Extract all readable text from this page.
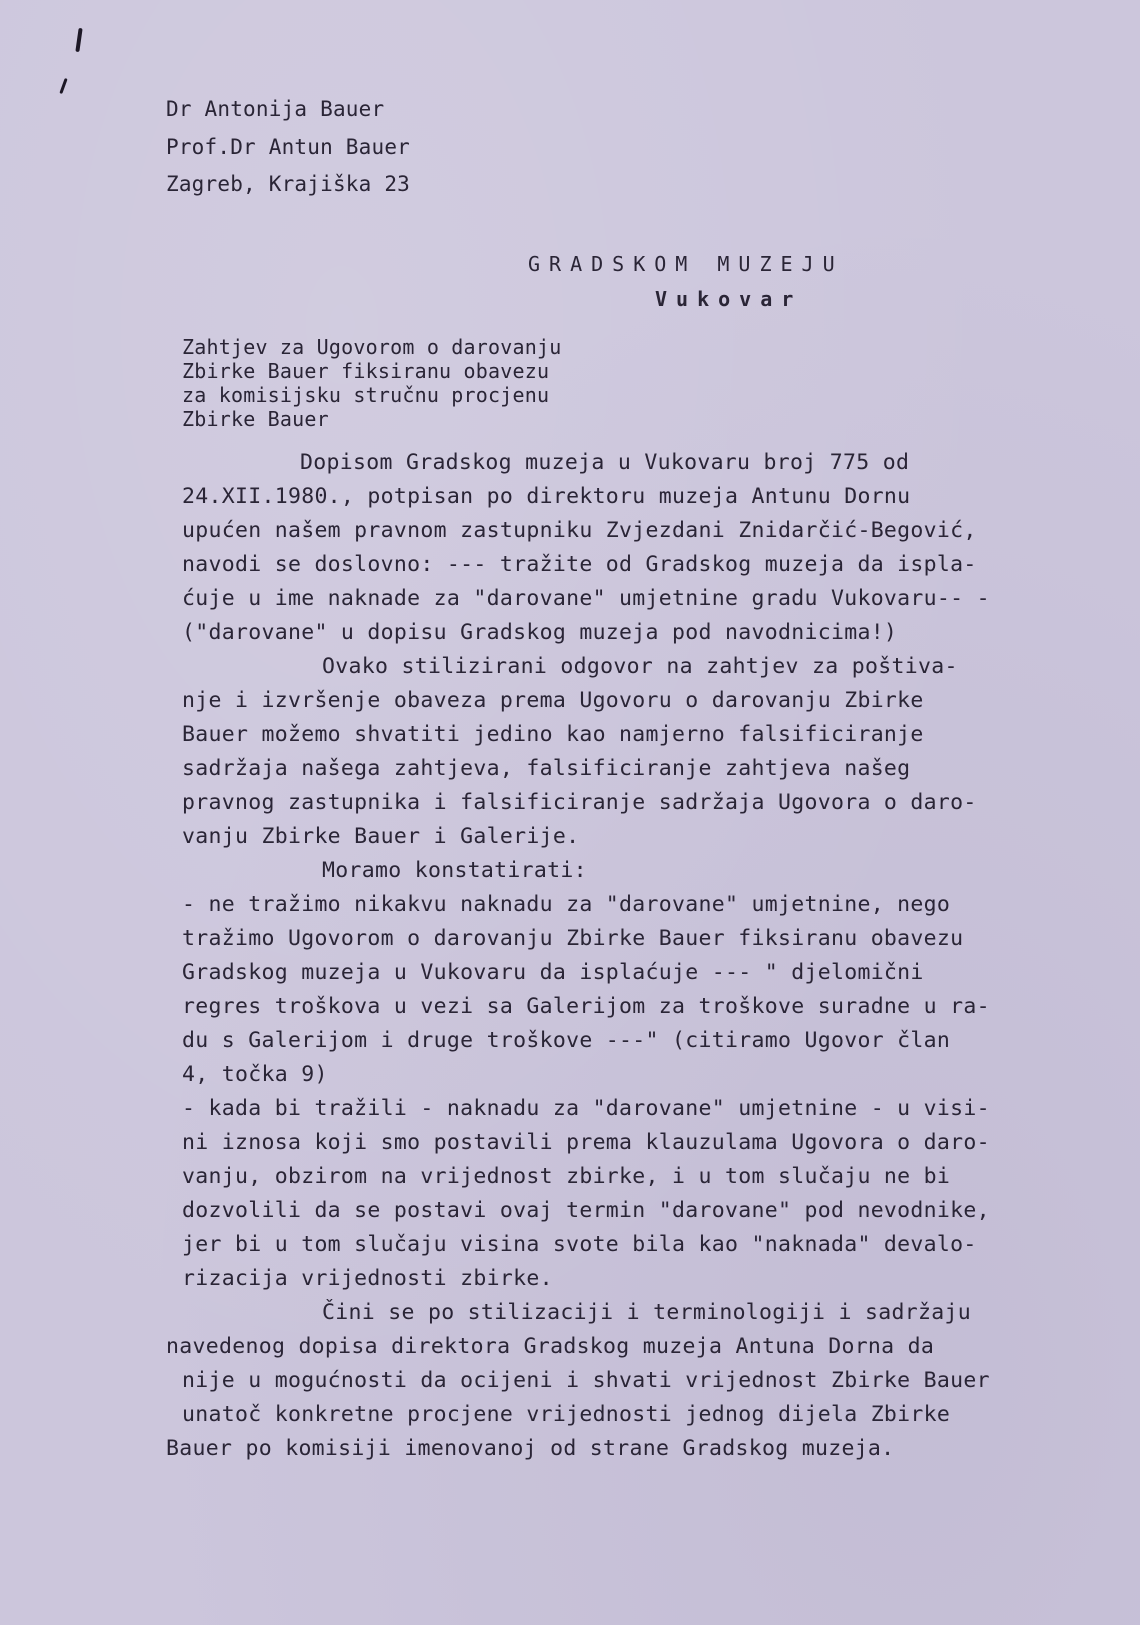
Dr Antonija Bauer
Prof.Dr Antun Bauer
Zagreb, Krajiška 23
GRADSKOM MUZEJU
Vukovar
Zahtjev za Ugovorom o darovanju
Zbirke Bauer fiksiranu obavezu
za komisijsku stručnu procjenu
Zbirke Bauer
Dopisom Gradskog muzeja u Vukovaru broj 775 od
24.XII.1980., potpisan po direktoru muzeja Antunu Dornu
upućen našem pravnom zastupniku Zvjezdani Znidarčić-Begović,
navodi se doslovno: --- tražite od Gradskog muzeja da ispla-
ćuje u ime naknade za "darovane" umjetnine gradu Vukovaru-- -
("darovane" u dopisu Gradskog muzeja pod navodnicima!)
Ovako stilizirani odgovor na zahtjev za poštiva-
nje i izvršenje obaveza prema Ugovoru o darovanju Zbirke
Bauer možemo shvatiti jedino kao namjerno falsificiranje
sadržaja našega zahtjeva, falsificiranje zahtjeva našeg
pravnog zastupnika i falsificiranje sadržaja Ugovora o daro-
vanju Zbirke Bauer i Galerije.
Moramo konstatirati:
- ne tražimo nikakvu naknadu za "darovane" umjetnine, nego
tražimo Ugovorom o darovanju Zbirke Bauer fiksiranu obavezu
Gradskog muzeja u Vukovaru da isplaćuje --- " djelomični
regres troškova u vezi sa Galerijom za troškove suradne u ra-
du s Galerijom i druge troškove ---" (citiramo Ugovor član
4, točka 9)
- kada bi tražili - naknadu za "darovane" umjetnine - u visi-
ni iznosa koji smo postavili prema klauzulama Ugovora o daro-
vanju, obzirom na vrijednost zbirke, i u tom slučaju ne bi
dozvolili da se postavi ovaj termin "darovane" pod nevodnike,
jer bi u tom slučaju visina svote bila kao "naknada" devalo-
rizacija vrijednosti zbirke.
Čini se po stilizaciji i terminologiji i sadržaju
navedenog dopisa direktora Gradskog muzeja Antuna Dorna da
nije u mogućnosti da ocijeni i shvati vrijednost Zbirke Bauer
unatoč konkretne procjene vrijednosti jednog dijela Zbirke
Bauer po komisiji imenovanoj od strane Gradskog muzeja.
